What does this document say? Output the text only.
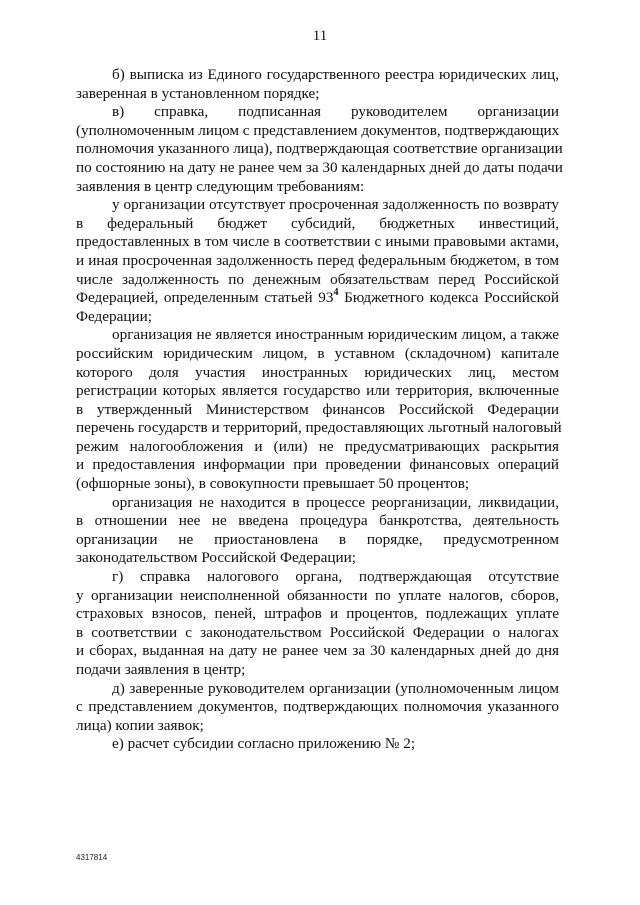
11
б) выписка из Единого государственного реестра юридических лиц,
заверенная в установленном порядке;
в) справка, подписанная руководителем организации
(уполномоченным лицом с представлением документов, подтверждающих
полномочия указанного лица), подтверждающая соответствие организации
по состоянию на дату не ранее чем за 30 календарных дней до даты подачи
заявления в центр следующим требованиям:
у организации отсутствует просроченная задолженность по возврату
в федеральный бюджет субсидий, бюджетных инвестиций,
предоставленных в том числе в соответствии с иными правовыми актами,
и иная просроченная задолженность перед федеральным бюджетом, в том
числе задолженность по денежным обязательствам перед Российской
Федерацией, определенным статьей $93^4$ Бюджетного кодекса Российской
Федерации;
организация не является иностранным юридическим лицом, а также
российским юридическим лицом, в уставном (складочном) капитале
которого доля участия иностранных юридических лиц, местом
регистрации которых является государство или территория, включенные
в утвержденный Министерством финансов Российской Федерации
перечень государств и территорий, предоставляющих льготный налоговый
режим налогообложения и (или) не предусматривающих раскрытия
и предоставления информации при проведении финансовых операций
(офшорные зоны), в совокупности превышает 50 процентов;
организация не находится в процессе реорганизации, ликвидации,
в отношении нее не введена процедура банкротства, деятельность
организации не приостановлена в порядке, предусмотренном
законодательством Российской Федерации;
г) справка налогового органа, подтверждающая отсутствие
у организации неисполненной обязанности по уплате налогов, сборов,
страховых взносов, пеней, штрафов и процентов, подлежащих уплате
в соответствии с законодательством Российской Федерации о налогах
и сборах, выданная на дату не ранее чем за 30 календарных дней до дня
подачи заявления в центр;
д) заверенные руководителем организации (уполномоченным лицом
с представлением документов, подтверждающих полномочия указанного
лица) копии заявок;
е) расчет субсидии согласно приложению № 2;
4317814
